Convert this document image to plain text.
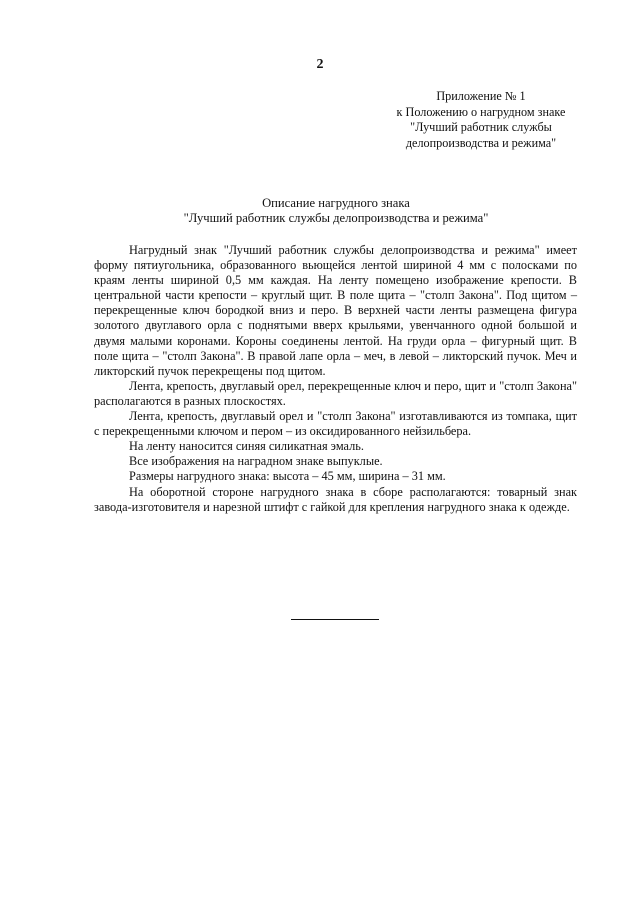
2
Приложение № 1
к Положению о нагрудном знаке
"Лучший работник службы
делопроизводства и режима"
Описание нагрудного знака
"Лучший работник службы делопроизводства и режима"

Нагрудный знак "Лучший работник службы делопроизводства и режима" имеет форму пятиугольника, образованного вьющейся лентой шириной 4 мм с полосками по краям ленты шириной 0,5 мм каждая. На ленту помещено изображение крепости. В центральной части крепости – круглый щит. В поле щита – "столп Закона". Под щитом – перекрещенные ключ бородкой вниз и перо. В верхней части ленты размещена фигура золотого двуглавого орла с поднятыми вверх крыльями, увенчанного одной большой и двумя малыми коронами. Короны соединены лентой. На груди орла – фигурный щит. В поле щита – "столп Закона". В правой лапе орла – меч, в левой – ликторский пучок. Меч и ликторский пучок перекрещены под щитом.

Лента, крепость, двуглавый орел, перекрещенные ключ и перо, щит и "столп Закона" располагаются в разных плоскостях.

Лента, крепость, двуглавый орел и "столп Закона" изготавливаются из томпака, щит с перекрещенными ключом и пером – из оксидированного нейзильбера.

На ленту наносится синяя силикатная эмаль.

Все изображения на наградном знаке выпуклые.

Размеры нагрудного знака: высота – 45 мм, ширина – 31 мм.

На оборотной стороне нагрудного знака в сборе располагаются: товарный знак завода-изготовителя и нарезной штифт с гайкой для крепления нагрудного знака к одежде.
